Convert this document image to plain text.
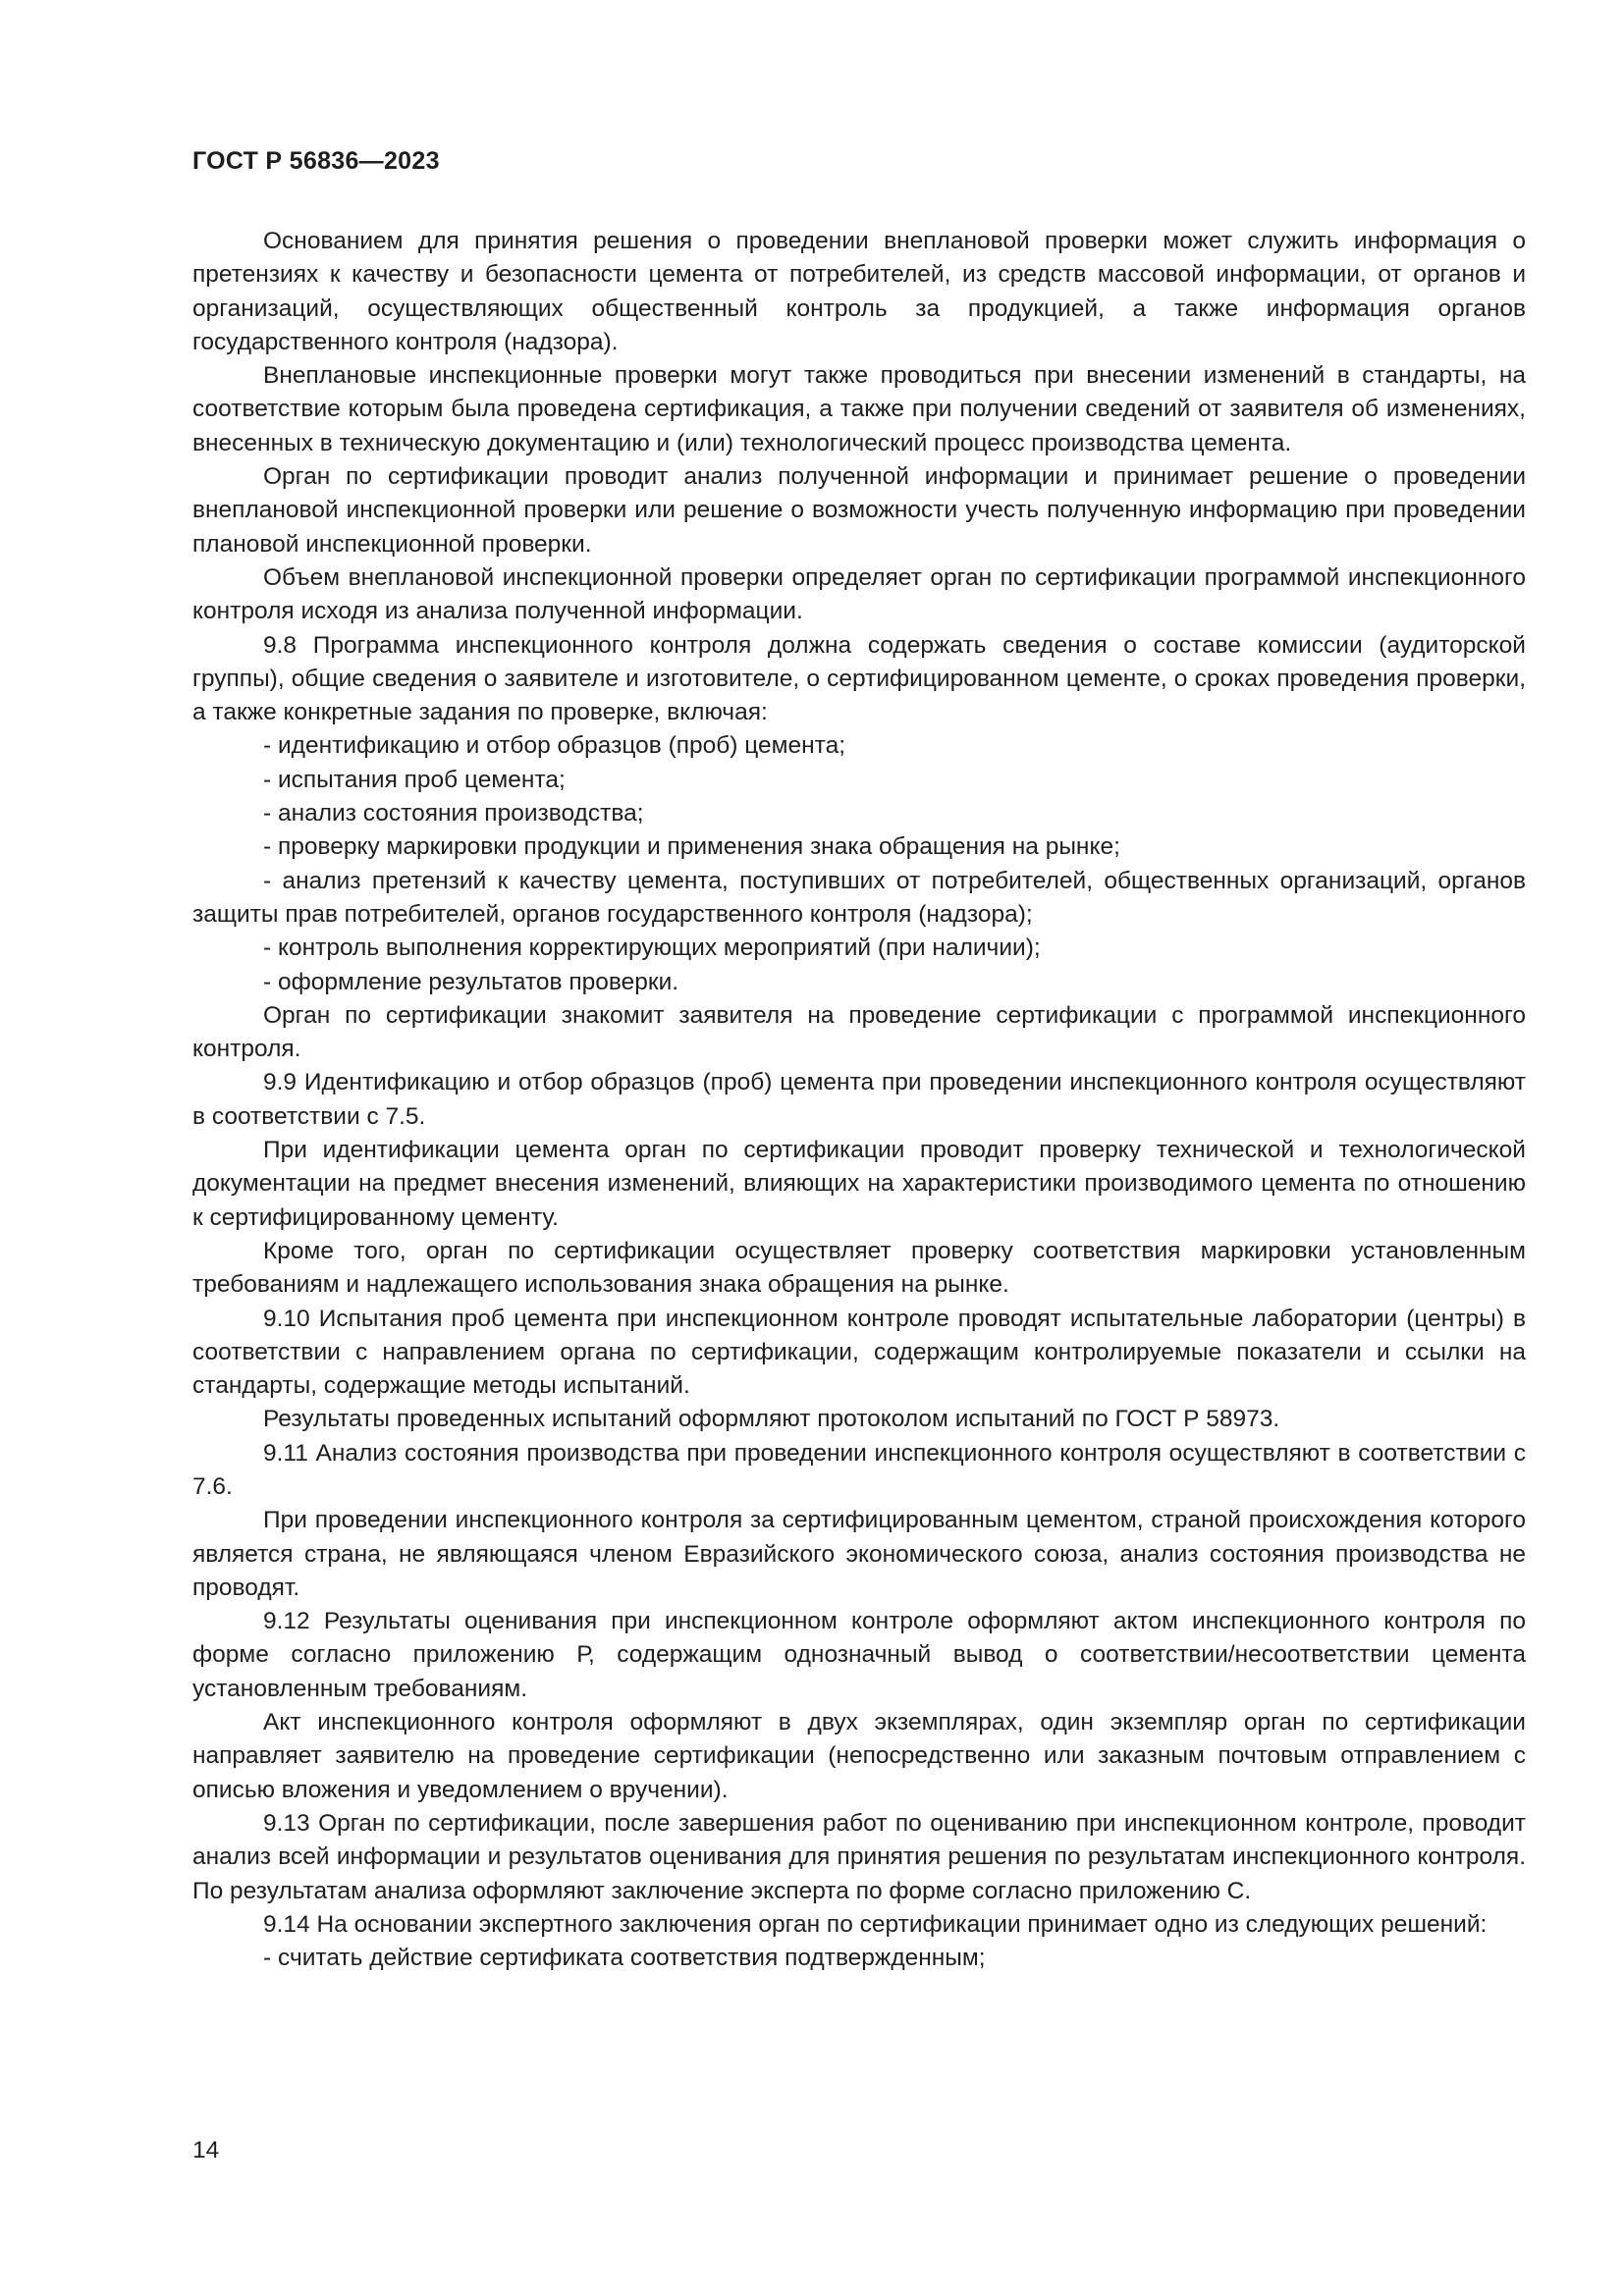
ГОСТ Р 56836—2023

Основанием для принятия решения о проведении внеплановой проверки может служить информация о претензиях к качеству и безопасности цемента от потребителей, из средств массовой информации, от органов и организаций, осуществляющих общественный контроль за продукцией, а также информация органов государственного контроля (надзора).

Внеплановые инспекционные проверки могут также проводиться при внесении изменений в стандарты, на соответствие которым была проведена сертификация, а также при получении сведений от заявителя об изменениях, внесенных в техническую документацию и (или) технологический процесс производства цемента.

Орган по сертификации проводит анализ полученной информации и принимает решение о проведении внеплановой инспекционной проверки или решение о возможности учесть полученную информацию при проведении плановой инспекционной проверки.

Объем внеплановой инспекционной проверки определяет орган по сертификации программой инспекционного контроля исходя из анализа полученной информации.

9.8 Программа инспекционного контроля должна содержать сведения о составе комиссии (аудиторской группы), общие сведения о заявителе и изготовителе, о сертифицированном цементе, о сроках проведения проверки, а также конкретные задания по проверке, включая:

- идентификацию и отбор образцов (проб) цемента;

- испытания проб цемента;

- анализ состояния производства;

- проверку маркировки продукции и применения знака обращения на рынке;

- анализ претензий к качеству цемента, поступивших от потребителей, общественных организаций, органов защиты прав потребителей, органов государственного контроля (надзора);

- контроль выполнения корректирующих мероприятий (при наличии);

- оформление результатов проверки.

Орган по сертификации знакомит заявителя на проведение сертификации с программой инспекционного контроля.

9.9 Идентификацию и отбор образцов (проб) цемента при проведении инспекционного контроля осуществляют в соответствии с 7.5.

При идентификации цемента орган по сертификации проводит проверку технической и технологической документации на предмет внесения изменений, влияющих на характеристики производимого цемента по отношению к сертифицированному цементу.

Кроме того, орган по сертификации осуществляет проверку соответствия маркировки установленным требованиям и надлежащего использования знака обращения на рынке.

9.10 Испытания проб цемента при инспекционном контроле проводят испытательные лаборатории (центры) в соответствии с направлением органа по сертификации, содержащим контролируемые показатели и ссылки на стандарты, содержащие методы испытаний.

Результаты проведенных испытаний оформляют протоколом испытаний по ГОСТ Р 58973.

9.11 Анализ состояния производства при проведении инспекционного контроля осуществляют в соответствии с 7.6.

При проведении инспекционного контроля за сертифицированным цементом, страной происхождения которого является страна, не являющаяся членом Евразийского экономического союза, анализ состояния производства не проводят.

9.12 Результаты оценивания при инспекционном контроле оформляют актом инспекционного контроля по форме согласно приложению Р, содержащим однозначный вывод о соответствии/несоответствии цемента установленным требованиям.

Акт инспекционного контроля оформляют в двух экземплярах, один экземпляр орган по сертификации направляет заявителю на проведение сертификации (непосредственно или заказным почтовым отправлением с описью вложения и уведомлением о вручении).

9.13 Орган по сертификации, после завершения работ по оцениванию при инспекционном контроле, проводит анализ всей информации и результатов оценивания для принятия решения по результатам инспекционного контроля. По результатам анализа оформляют заключение эксперта по форме согласно приложению С.

9.14 На основании экспертного заключения орган по сертификации принимает одно из следующих решений:

- считать действие сертификата соответствия подтвержденным;

14
